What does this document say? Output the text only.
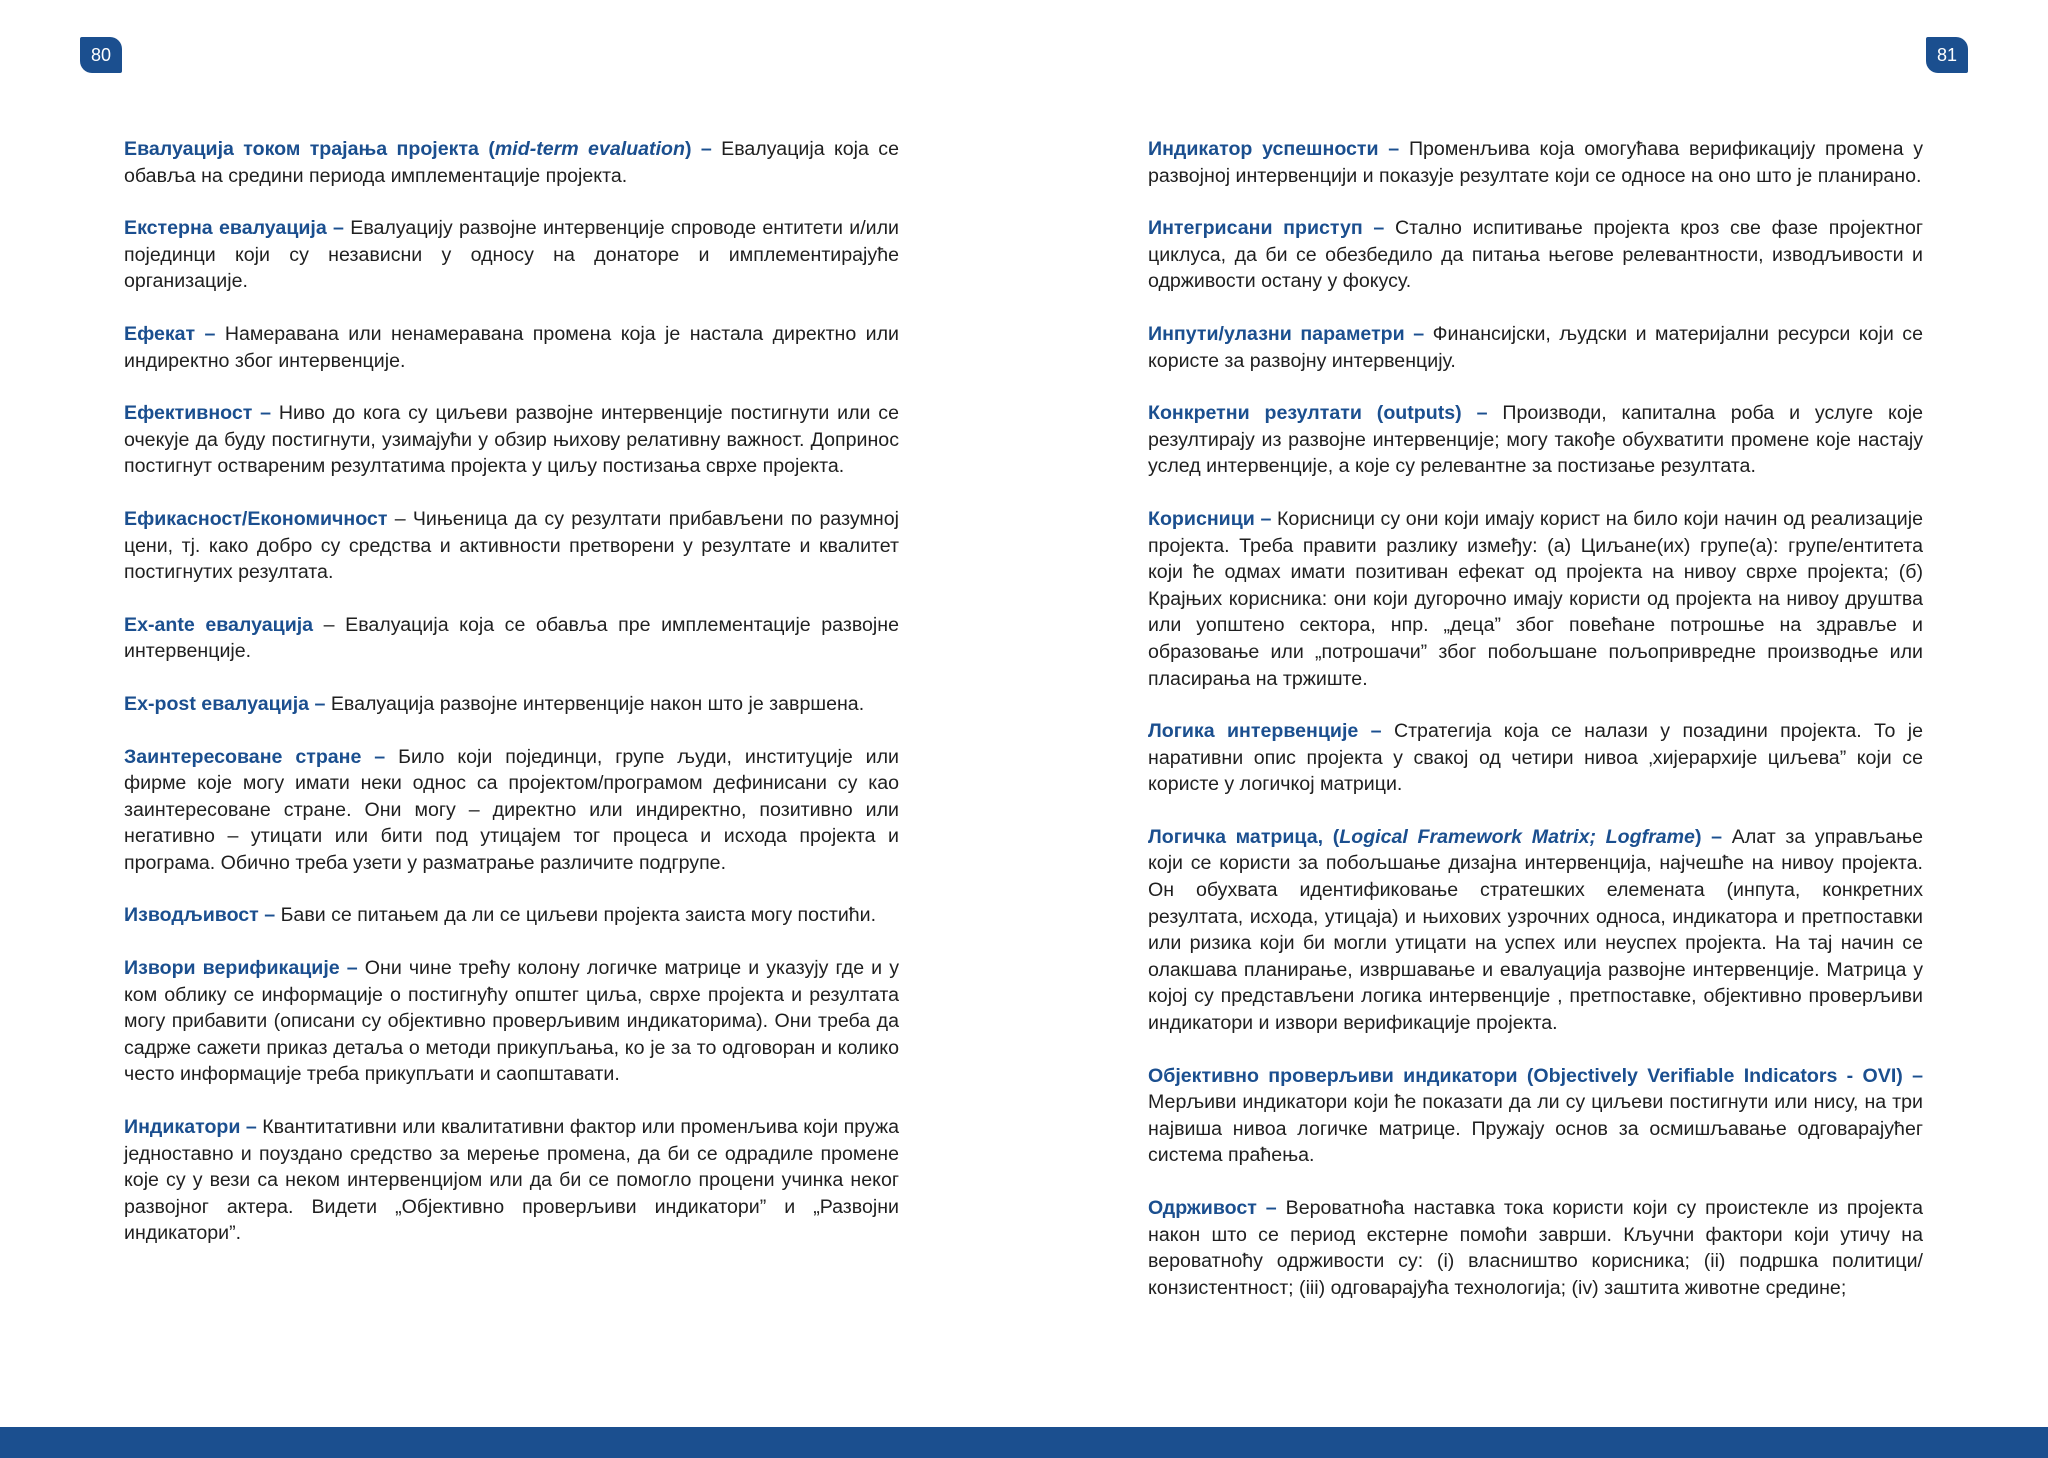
80	81

Евалуација током трајања пројекта (mid-term evaluation) – Евалуација која се обавља на средини периода имплементације пројекта.

Екстерна евалуација – Евалуацију развојне интервенције спроводе ентитети и/или појединци који су независни у односу на донаторе и имплементирајуће организације.

Ефекат – Намеравана или ненамеравана промена која је настала директно или индиректно због интервенције.

Ефективност – Ниво до кога су циљеви развојне интервенције постигнути или се очекује да буду постигнути, узимајући у обзир њихову релативну важност. Допринос постигнут оствареним резултатима пројекта у циљу постизања сврхе пројекта.

Ефикасност/Економичност – Чињеница да су резултати прибављени по разумној цени, тј. како добро су средства и активности претворени у резултате и квалитет постигнутих резултата.

Ex-ante евалуација – Евалуација која се обавља пре имплементације развојне интервенције.

Ex-post евалуација – Евалуација развојне интервенције након што је завршена.

Заинтересоване стране – Било који појединци, групе људи, институције или фирме које могу имати неки однос са пројектом/програмом дефинисани су као заинтересоване стране. Они могу – директно или индиректно, позитивно или негативно – утицати или бити под утицајем тог процеса и исхода пројекта и програма. Обично треба узети у разматрање различите подгрупе.

Изводљивост – Бави се питањем да ли се циљеви пројекта заиста могу постићи.

Извори верификације – Они чине трећу колону логичке матрице и указују где и у ком облику се информације о постигнућу општег циља, сврхе пројекта и резултата могу прибавити (описани су објективно проверљивим индикаторима). Они треба да садрже сажети приказ детаља о методи прикупљања, ко је за то одговоран и колико често информације треба прикупљати и саопштавати.

Индикатори – Квантитативни или квалитативни фактор или променљива који пружа једноставно и поуздано средство за мерење промена, да би се одрадиле промене које су у вези са неком интервенцијом или да би се помогло процени учинка неког развојног актера. Видети „Објективно проверљиви индикатори” и „Развојни индикатори”.

Индикатор успешности – Променљива која омогућава верификацију промена у развојној интервенцији и показује резултате који се односе на оно што је планирано.

Интегрисани приступ – Стално испитивање пројекта кроз све фазе пројектног циклуса, да би се обезбедило да питања његове релевантности, изводљивости и одрживости остану у фокусу.

Инпути/улазни параметри – Финансијски, људски и материјални ресурси који се користе за развојну интервенцију.

Конкретни резултати (outputs) – Производи, капитална роба и услуге које резултирају из развојне интервенције; могу такође обухватити промене које настају услед интервенције, а које су релевантне за постизање резултата.

Корисници – Корисници су они који имају корист на било који начин од реализације пројекта. Треба правити разлику између: (а) Циљане(их) групе(а): групе/ентитета који ће одмах имати позитиван ефекат од пројекта на нивоу сврхе пројекта; (б) Крајњих корисника: они који дугорочно имају користи од пројекта на нивоу друштва или уопштено сектора, нпр. „деца” због повећане потрошње на здравље и образовање или „потрошачи” због побољшане пољопривредне производње или пласирања на тржиште.

Логика интервенције – Стратегија која се налази у позадини пројекта. То је наративни опис пројекта у свакој од четири нивоа ‚хијерархије циљева” који се користе у логичкој матрици.

Логичка матрица, (Logical Framework Matrix; Logframe) – Алат за управљање који се користи за побољшање дизајна интервенција, најчешће на нивоу пројекта. Он обухвата идентификовање стратешких елемената (инпута, конкретних резултата, исхода, утицаја) и њихових узрочних односа, индикатора и претпоставки или ризика који би могли утицати на успех или неуспех пројекта. На тај начин се олакшава планирање, извршавање и евалуација развојне интервенције. Матрица у којој су представљени логика интервенције , претпоставке, објективно проверљиви индикатори и извори верификације пројекта.

Објективно проверљиви индикатори (Objectively Verifiable Indicators - OVI) – Мерљиви индикатори који ће показати да ли су циљеви постигнути или нису, на три највиша нивоа логичке матрице. Пружају основ за осмишљавање одговарајућег система праћења.

Одрживост – Вероватноћа наставка тока користи који су проистекле из пројекта након што се период екстерне помоћи заврши. Кључни фактори који утичу на вероватноћу одрживости су: (i) власништво корисника; (ii) подршка политици/ конзистентност; (iii) одговарајућа технологија; (iv) заштита животне средине;
